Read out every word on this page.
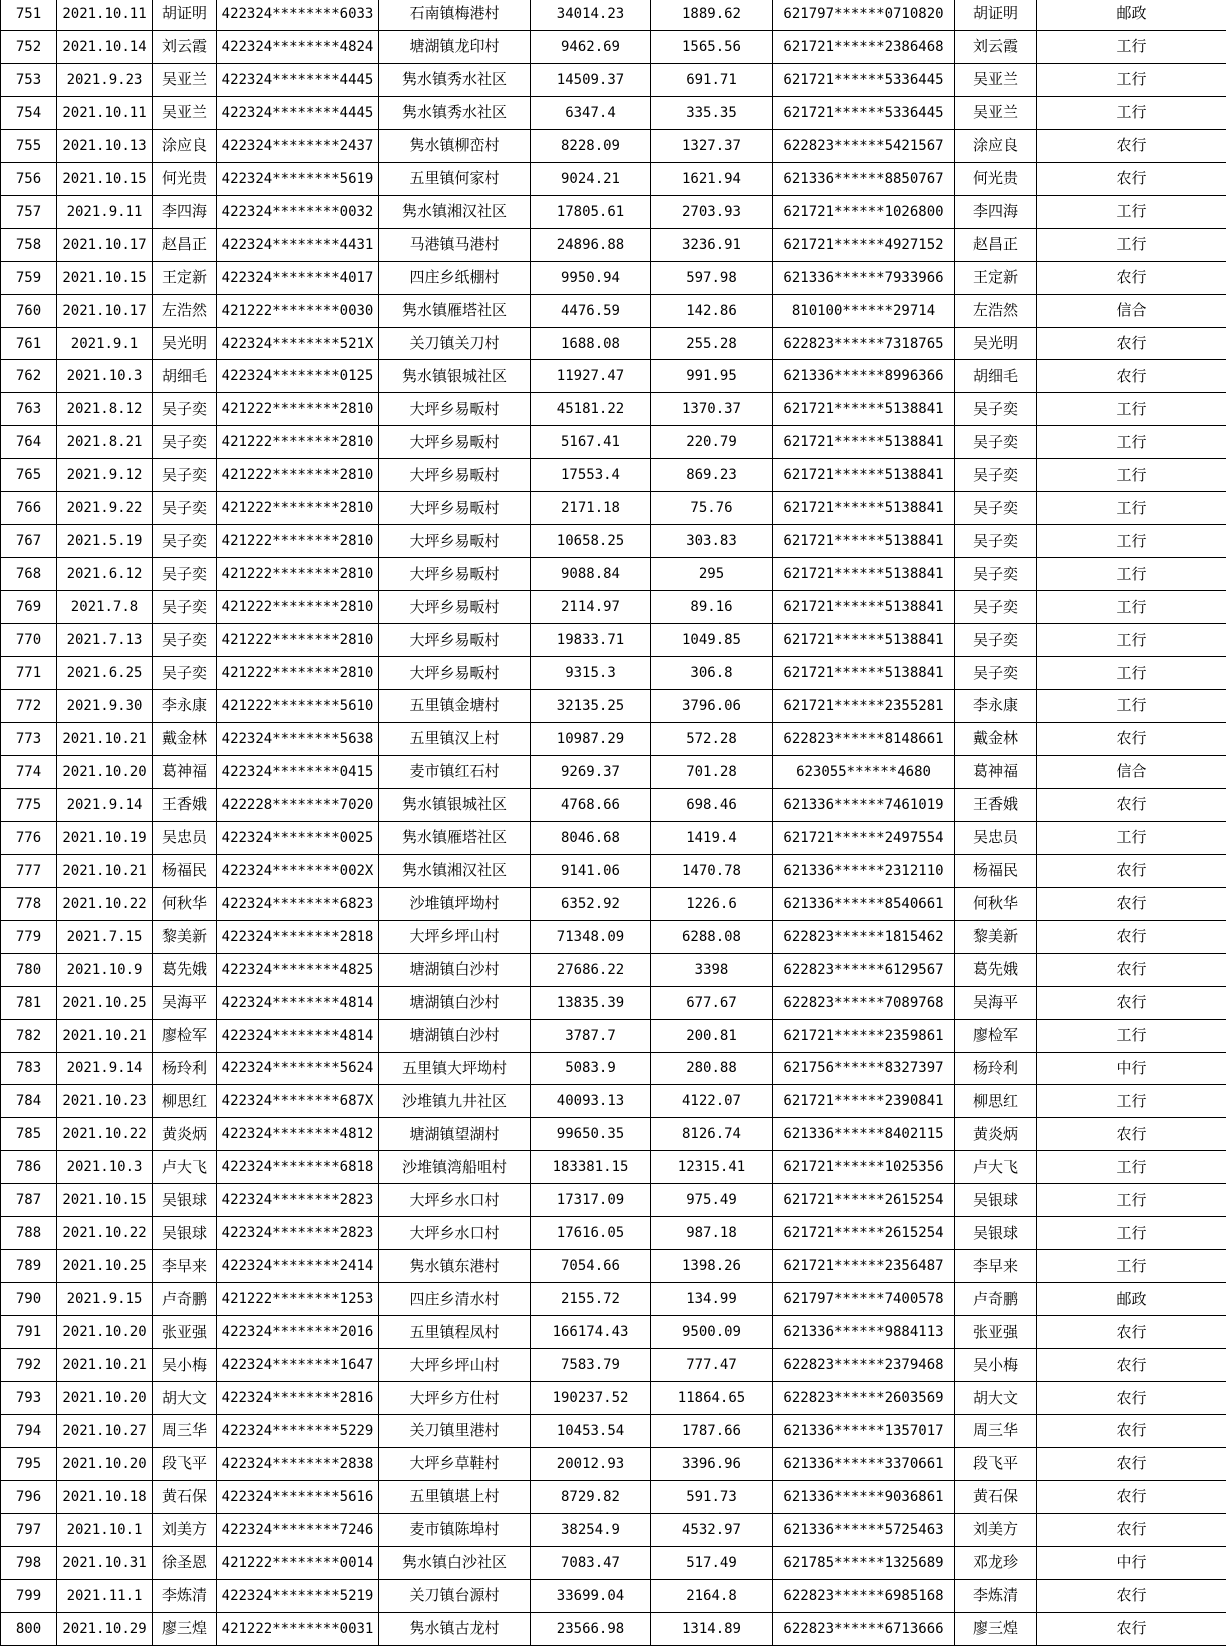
751	2021.10.11	胡证明	422324********6033	石南镇梅港村	34014.23	1889.62	621797******0710820	胡证明	邮政
752	2021.10.14	刘云霞	422324********4824	塘湖镇龙印村	9462.69	1565.56	621721******2386468	刘云霞	工行
753	2021.9.23	吴亚兰	422324********4445	隽水镇秀水社区	14509.37	691.71	621721******5336445	吴亚兰	工行
754	2021.10.11	吴亚兰	422324********4445	隽水镇秀水社区	6347.4	335.35	621721******5336445	吴亚兰	工行
755	2021.10.13	涂应良	422324********2437	隽水镇柳峦村	8228.09	1327.37	622823******5421567	涂应良	农行
756	2021.10.15	何光贵	422324********5619	五里镇何家村	9024.21	1621.94	621336******8850767	何光贵	农行
757	2021.9.11	李四海	422324********0032	隽水镇湘汉社区	17805.61	2703.93	621721******1026800	李四海	工行
758	2021.10.17	赵昌正	422324********4431	马港镇马港村	24896.88	3236.91	621721******4927152	赵昌正	工行
759	2021.10.15	王定新	422324********4017	四庄乡纸棚村	9950.94	597.98	621336******7933966	王定新	农行
760	2021.10.17	左浩然	421222********0030	隽水镇雁塔社区	4476.59	142.86	810100******29714	左浩然	信合
761	2021.9.1	吴光明	422324********521X	关刀镇关刀村	1688.08	255.28	622823******7318765	吴光明	农行
762	2021.10.3	胡细毛	422324********0125	隽水镇银城社区	11927.47	991.95	621336******8996366	胡细毛	农行
763	2021.8.12	吴子奕	421222********2810	大坪乡易畈村	45181.22	1370.37	621721******5138841	吴子奕	工行
764	2021.8.21	吴子奕	421222********2810	大坪乡易畈村	5167.41	220.79	621721******5138841	吴子奕	工行
765	2021.9.12	吴子奕	421222********2810	大坪乡易畈村	17553.4	869.23	621721******5138841	吴子奕	工行
766	2021.9.22	吴子奕	421222********2810	大坪乡易畈村	2171.18	75.76	621721******5138841	吴子奕	工行
767	2021.5.19	吴子奕	421222********2810	大坪乡易畈村	10658.25	303.83	621721******5138841	吴子奕	工行
768	2021.6.12	吴子奕	421222********2810	大坪乡易畈村	9088.84	295	621721******5138841	吴子奕	工行
769	2021.7.8	吴子奕	421222********2810	大坪乡易畈村	2114.97	89.16	621721******5138841	吴子奕	工行
770	2021.7.13	吴子奕	421222********2810	大坪乡易畈村	19833.71	1049.85	621721******5138841	吴子奕	工行
771	2021.6.25	吴子奕	421222********2810	大坪乡易畈村	9315.3	306.8	621721******5138841	吴子奕	工行
772	2021.9.30	李永康	421222********5610	五里镇金塘村	32135.25	3796.06	621721******2355281	李永康	工行
773	2021.10.21	戴金林	422324********5638	五里镇汉上村	10987.29	572.28	622823******8148661	戴金林	农行
774	2021.10.20	葛神福	422324********0415	麦市镇红石村	9269.37	701.28	623055******4680	葛神福	信合
775	2021.9.14	王香娥	422228********7020	隽水镇银城社区	4768.66	698.46	621336******7461019	王香娥	农行
776	2021.10.19	吴忠员	422324********0025	隽水镇雁塔社区	8046.68	1419.4	621721******2497554	吴忠员	工行
777	2021.10.21	杨福民	422324********002X	隽水镇湘汉社区	9141.06	1470.78	621336******2312110	杨福民	农行
778	2021.10.22	何秋华	422324********6823	沙堆镇坪坳村	6352.92	1226.6	621336******8540661	何秋华	农行
779	2021.7.15	黎美新	422324********2818	大坪乡坪山村	71348.09	6288.08	622823******1815462	黎美新	农行
780	2021.10.9	葛先娥	422324********4825	塘湖镇白沙村	27686.22	3398	622823******6129567	葛先娥	农行
781	2021.10.25	吴海平	422324********4814	塘湖镇白沙村	13835.39	677.67	622823******7089768	吴海平	农行
782	2021.10.21	廖检军	422324********4814	塘湖镇白沙村	3787.7	200.81	621721******2359861	廖检军	工行
783	2021.9.14	杨玲利	422324********5624	五里镇大坪坳村	5083.9	280.88	621756******8327397	杨玲利	中行
784	2021.10.23	柳思红	422324********687X	沙堆镇九井社区	40093.13	4122.07	621721******2390841	柳思红	工行
785	2021.10.22	黄炎炳	422324********4812	塘湖镇望湖村	99650.35	8126.74	621336******8402115	黄炎炳	农行
786	2021.10.3	卢大飞	422324********6818	沙堆镇湾船咀村	183381.15	12315.41	621721******1025356	卢大飞	工行
787	2021.10.15	吴银球	422324********2823	大坪乡水口村	17317.09	975.49	621721******2615254	吴银球	工行
788	2021.10.22	吴银球	422324********2823	大坪乡水口村	17616.05	987.18	621721******2615254	吴银球	工行
789	2021.10.25	李早来	422324********2414	隽水镇东港村	7054.66	1398.26	621721******2356487	李早来	工行
790	2021.9.15	卢奇鹏	421222********1253	四庄乡清水村	2155.72	134.99	621797******7400578	卢奇鹏	邮政
791	2021.10.20	张亚强	422324********2016	五里镇程凤村	166174.43	9500.09	621336******9884113	张亚强	农行
792	2021.10.21	吴小梅	422324********1647	大坪乡坪山村	7583.79	777.47	622823******2379468	吴小梅	农行
793	2021.10.20	胡大文	422324********2816	大坪乡方仕村	190237.52	11864.65	622823******2603569	胡大文	农行
794	2021.10.27	周三华	422324********5229	关刀镇里港村	10453.54	1787.66	621336******1357017	周三华	农行
795	2021.10.20	段飞平	422324********2838	大坪乡草鞋村	20012.93	3396.96	621336******3370661	段飞平	农行
796	2021.10.18	黄石保	422324********5616	五里镇堪上村	8729.82	591.73	621336******9036861	黄石保	农行
797	2021.10.1	刘美方	422324********7246	麦市镇陈埠村	38254.9	4532.97	621336******5725463	刘美方	农行
798	2021.10.31	徐圣恩	421222********0014	隽水镇白沙社区	7083.47	517.49	621785******1325689	邓龙珍	中行
799	2021.11.1	李炼清	422324********5219	关刀镇台源村	33699.04	2164.8	622823******6985168	李炼清	农行
800	2021.10.29	廖三煌	421222********0031	隽水镇古龙村	23566.98	1314.89	622823******6713666	廖三煌	农行
